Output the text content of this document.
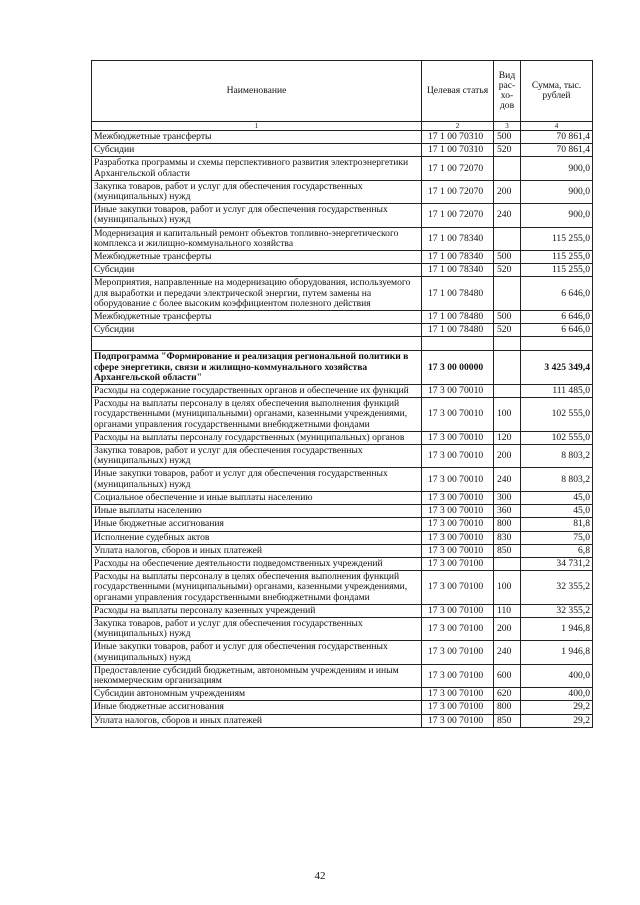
Наименование	Целевая статья	Вид рас-хо-дов	Сумма, тыс. рублей
1	2	3	4
Межбюджетные трансферты	17 1 00 70310	500	70 861,4
Субсидии	17 1 00 70310	520	70 861,4
Разработка программы и схемы перспективного развития электроэнергетики Архангельской области	17 1 00 72070		900,0
Закупка товаров, работ и услуг для обеспечения государственных (муниципальных) нужд	17 1 00 72070	200	900,0
Иные закупки товаров, работ и услуг для обеспечения государственных (муниципальных) нужд	17 1 00 72070	240	900,0
Модернизация и капитальный ремонт объектов топливно-энергетического комплекса и жилищно-коммунального хозяйства	17 1 00 78340		115 255,0
Межбюджетные трансферты	17 1 00 78340	500	115 255,0
Субсидии	17 1 00 78340	520	115 255,0
Мероприятия, направленные на модернизацию оборудования, используемого для выработки и передачи электрической энергии, путем замены на оборудование с более высоким коэффициентом полезного действия	17 1 00 78480		6 646,0
Межбюджетные трансферты	17 1 00 78480	500	6 646,0
Субсидии	17 1 00 78480	520	6 646,0

Подпрограмма "Формирование и реализация региональной политики в сфере энергетики, связи и жилищно-коммунального хозяйства Архангельской области"	17 3 00 00000		3 425 349,4
Расходы на содержание государственных органов и обеспечение их функций	17 3 00 70010		111 485,0
Расходы на выплаты персоналу в целях обеспечения выполнения функций государственными (муниципальными) органами, казенными учреждениями, органами управления государственными внебюджетными фондами	17 3 00 70010	100	102 555,0
Расходы на выплаты персоналу государственных (муниципальных) органов	17 3 00 70010	120	102 555,0
Закупка товаров, работ и услуг для обеспечения государственных (муниципальных) нужд	17 3 00 70010	200	8 803,2
Иные закупки товаров, работ и услуг для обеспечения государственных (муниципальных) нужд	17 3 00 70010	240	8 803,2
Социальное обеспечение и иные выплаты населению	17 3 00 70010	300	45,0
Иные выплаты населению	17 3 00 70010	360	45,0
Иные бюджетные ассигнования	17 3 00 70010	800	81,8
Исполнение судебных актов	17 3 00 70010	830	75,0
Уплата налогов, сборов и иных платежей	17 3 00 70010	850	6,8
Расходы на обеспечение деятельности подведомственных учреждений	17 3 00 70100		34 731,2
Расходы на выплаты персоналу в целях обеспечения выполнения функций государственными (муниципальными) органами, казенными учреждениями, органами управления государственными внебюджетными фондами	17 3 00 70100	100	32 355,2
Расходы на выплаты персоналу казенных учреждений	17 3 00 70100	110	32 355,2
Закупка товаров, работ и услуг для обеспечения государственных (муниципальных) нужд	17 3 00 70100	200	1 946,8
Иные закупки товаров, работ и услуг для обеспечения государственных (муниципальных) нужд	17 3 00 70100	240	1 946,8
Предоставление субсидий бюджетным, автономным учреждениям и иным некоммерческим организациям	17 3 00 70100	600	400,0
Субсидии автономным учреждениям	17 3 00 70100	620	400,0
Иные бюджетные ассигнования	17 3 00 70100	800	29,2
Уплата налогов, сборов и иных платежей	17 3 00 70100	850	29,2
42
